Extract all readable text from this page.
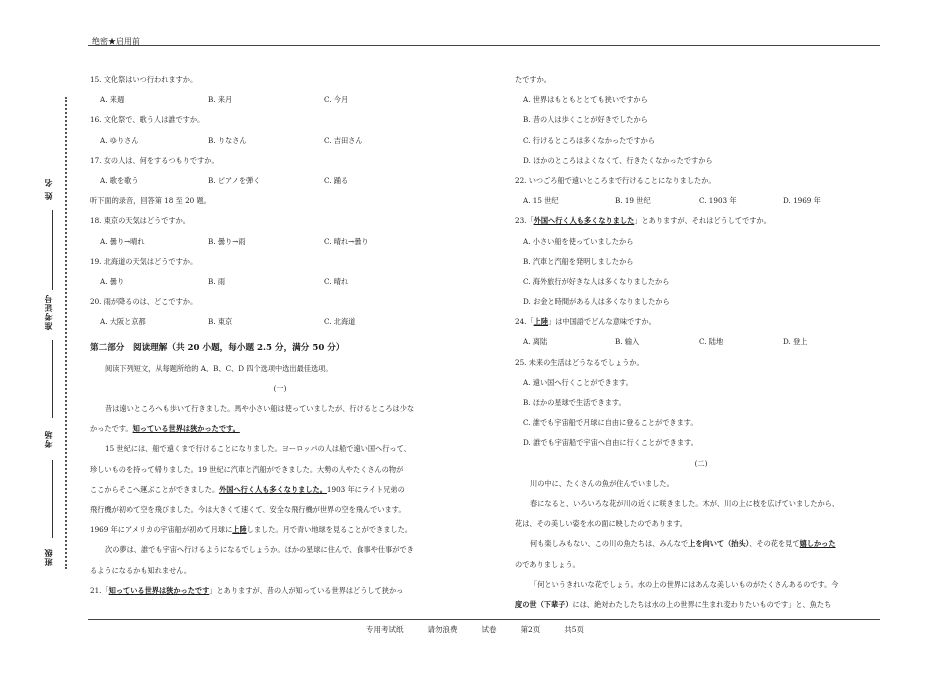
绝密★启用前
姓 名
准考证号
考场
班级
15. 文化祭はいつ行われますか。
A. 来週	B. 来月	C. 今月
16. 文化祭で、歌う人は誰ですか。
A. ゆりさん	B. りなさん	C. 吉田さん
17. 女の人は、何をするつもりですか。
A. 歌を歌う	B. ピアノを弾く	C. 踊る
听下面的录音，回答第 18 至 20 题。
18. 東京の天気はどうですか。
A. 曇り→晴れ	B. 曇り→雨	C. 晴れ→曇り
19. 北海道の天気はどうですか。
A. 曇り	B. 雨	C. 晴れ
20. 雨が降るのは、どこですか。
A. 大阪と京都	B. 東京	C. 北海道
第二部分　阅读理解（共 20 小题，每小题 2.5 分，满分 50 分）
阅读下列短文，从每题所给的 A、B、C、D 四个选项中选出最佳选项。
(一)
昔は遠いところへも歩いて行きました。馬や小さい船は使っていましたが、行けるところは少な
かったです。知っている世界は狭かったです。
15 世紀には、船で遠くまで行けることになりました。ヨーロッパの人は船で遠い国へ行って、
珍しいものを持って帰りました。19 世紀に汽車と汽船ができました。大勢の人やたくさんの物が
ここからそこへ運ぶことができました。外国へ行く人も多くなりました。1903 年にライト兄弟の
飛行機が初めて空を飛びました。今は大きくて速くて、安全な飛行機が世界の空を飛んでいます。
1969 年にアメリカの宇宙船が初めて月球に上陸しました。月で青い地球を見ることができました。
次の夢は、誰でも宇宙へ行けるようになるでしょうか。ほかの星球に住んで、食事や仕事ができ
るようになるかも知れません。
21.「知っている世界は狭かったです」とありますが、昔の人が知っている世界はどうして狭かっ
たですか。
A. 世界はもともととても狭いですから
B. 昔の人は歩くことが好きでしたから
C. 行けるところは多くなかったですから
D. ほかのところはよくなくて、行きたくなかったですから
22. いつごろ船で遠いところまで行けることになりましたか。
A. 15 世纪	B. 19 世纪	C. 1903 年	D. 1969 年
23.「外国へ行く人も多くなりました」とありますが、それはどうしてですか。
A. 小さい船を使っていましたから
B. 汽車と汽船を発明しましたから
C. 海外旅行が好きな人は多くなりましたから
D. お金と時間がある人は多くなりましたから
24.「上陸」は中国語でどんな意味ですか。
A. 离陆	B. 输入	C. 陆地	D. 登上
25. 未来の生活はどうなるでしょうか。
A. 遠い国へ行くことができます。
B. ほかの星球で生活できます。
C. 誰でも宇宙船で月球に自由に登ることができます。
D. 誰でも宇宙船で宇宙へ自由に行くことができます。
(二)
川の中に、たくさんの魚が住んでいました。
春になると、いろいろな花が川の近くに咲きました。木が、川の上に枝を広げていましたから、
花は、その美しい姿を水の面に映したのであります。
何も楽しみもない、この川の魚たちは、みんなで上を向いて（抬头）、その花を見て嬉しかった
のでありましょう。
「何というきれいな花でしょう。水の上の世界にはあんな美しいものがたくさんあるのです。今
度の世（下辈子）には、絶対わたしたちは水の上の世界に生まれ変わりたいものです」と、魚たち
专用考试纸	请勿浪费	试卷	第2页	共5页
